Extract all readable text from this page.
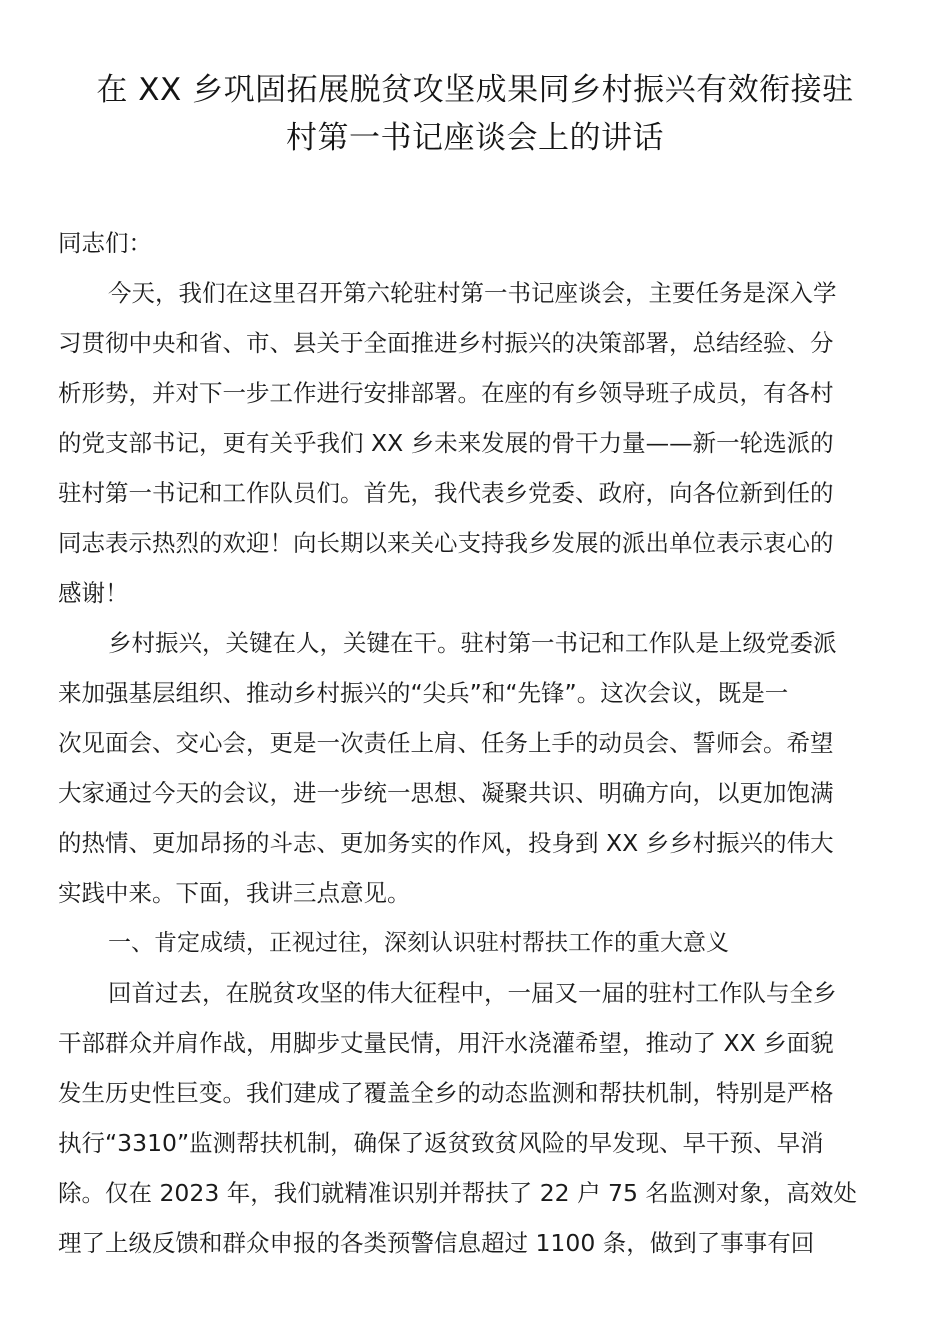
在 XX 乡巩固拓展脱贫攻坚成果同乡村振兴有效衔接驻
村第一书记座谈会上的讲话
同志们：
今天，我们在这里召开第六轮驻村第一书记座谈会，主要任务是深入学
习贯彻中央和省、市、县关于全面推进乡村振兴的决策部署，总结经验、分
析形势，并对下一步工作进行安排部署。在座的有乡领导班子成员，有各村
的党支部书记，更有关乎我们 XX 乡未来发展的骨干力量——新一轮选派的
驻村第一书记和工作队员们。首先，我代表乡党委、政府，向各位新到任的
同志表示热烈的欢迎！向长期以来关心支持我乡发展的派出单位表示衷心的
感谢！
乡村振兴，关键在人，关键在干。驻村第一书记和工作队是上级党委派
来加强基层组织、推动乡村振兴的“尖兵”和“先锋”。这次会议，既是一
次见面会、交心会，更是一次责任上肩、任务上手的动员会、誓师会。希望
大家通过今天的会议，进一步统一思想、凝聚共识、明确方向，以更加饱满
的热情、更加昂扬的斗志、更加务实的作风，投身到 XX 乡乡村振兴的伟大
实践中来。下面，我讲三点意见。
一、肯定成绩，正视过往，深刻认识驻村帮扶工作的重大意义
回首过去，在脱贫攻坚的伟大征程中，一届又一届的驻村工作队与全乡
干部群众并肩作战，用脚步丈量民情，用汗水浇灌希望，推动了 XX 乡面貌
发生历史性巨变。我们建成了覆盖全乡的动态监测和帮扶机制，特别是严格
执行“3310”监测帮扶机制，确保了返贫致贫风险的早发现、早干预、早消
除。仅在 2023 年，我们就精准识别并帮扶了 22 户 75 名监测对象，高效处
理了上级反馈和群众申报的各类预警信息超过 1100 条，做到了事事有回
